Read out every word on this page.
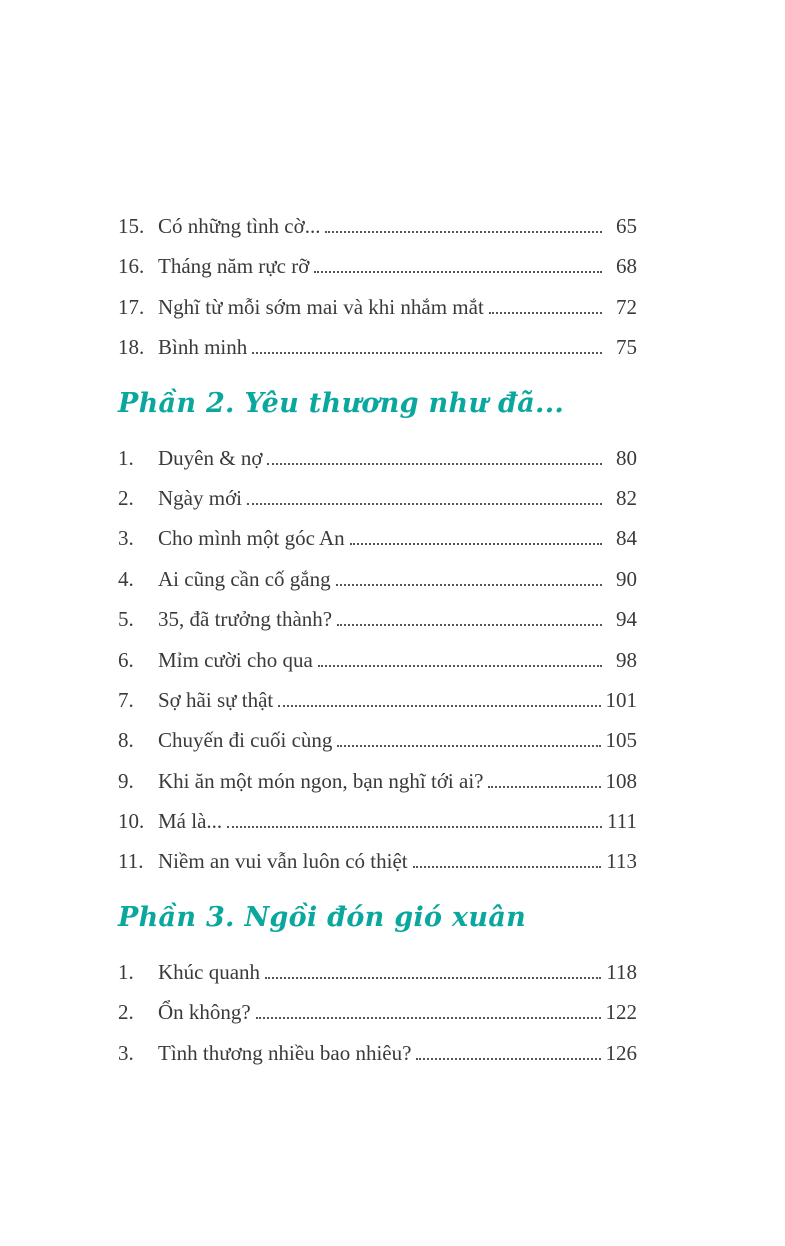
15. Có những tình cờ...	65
16. Tháng năm rực rỡ	68
17. Nghĩ từ mỗi sớm mai và khi nhắm mắt	72
18. Bình minh	75
Phần 2. Yêu thương như đã...
1.	Duyên & nợ	80
2.	Ngày mới	82
3.	Cho mình một góc An	84
4.	Ai cũng cần cố gắng	90
5.	35, đã trưởng thành?	94
6.	Mỉm cười cho qua	98
7.	Sợ hãi sự thật	101
8.	Chuyến đi cuối cùng	105
9.	Khi ăn một món ngon, bạn nghĩ tới ai?	108
10. Má là...	111
11. Niềm an vui vẫn luôn có thiệt	113
Phần 3. Ngồi đón gió xuân
1.	Khúc quanh	118
2.	Ổn không?	122
3.	Tình thương nhiều bao nhiêu?	126
